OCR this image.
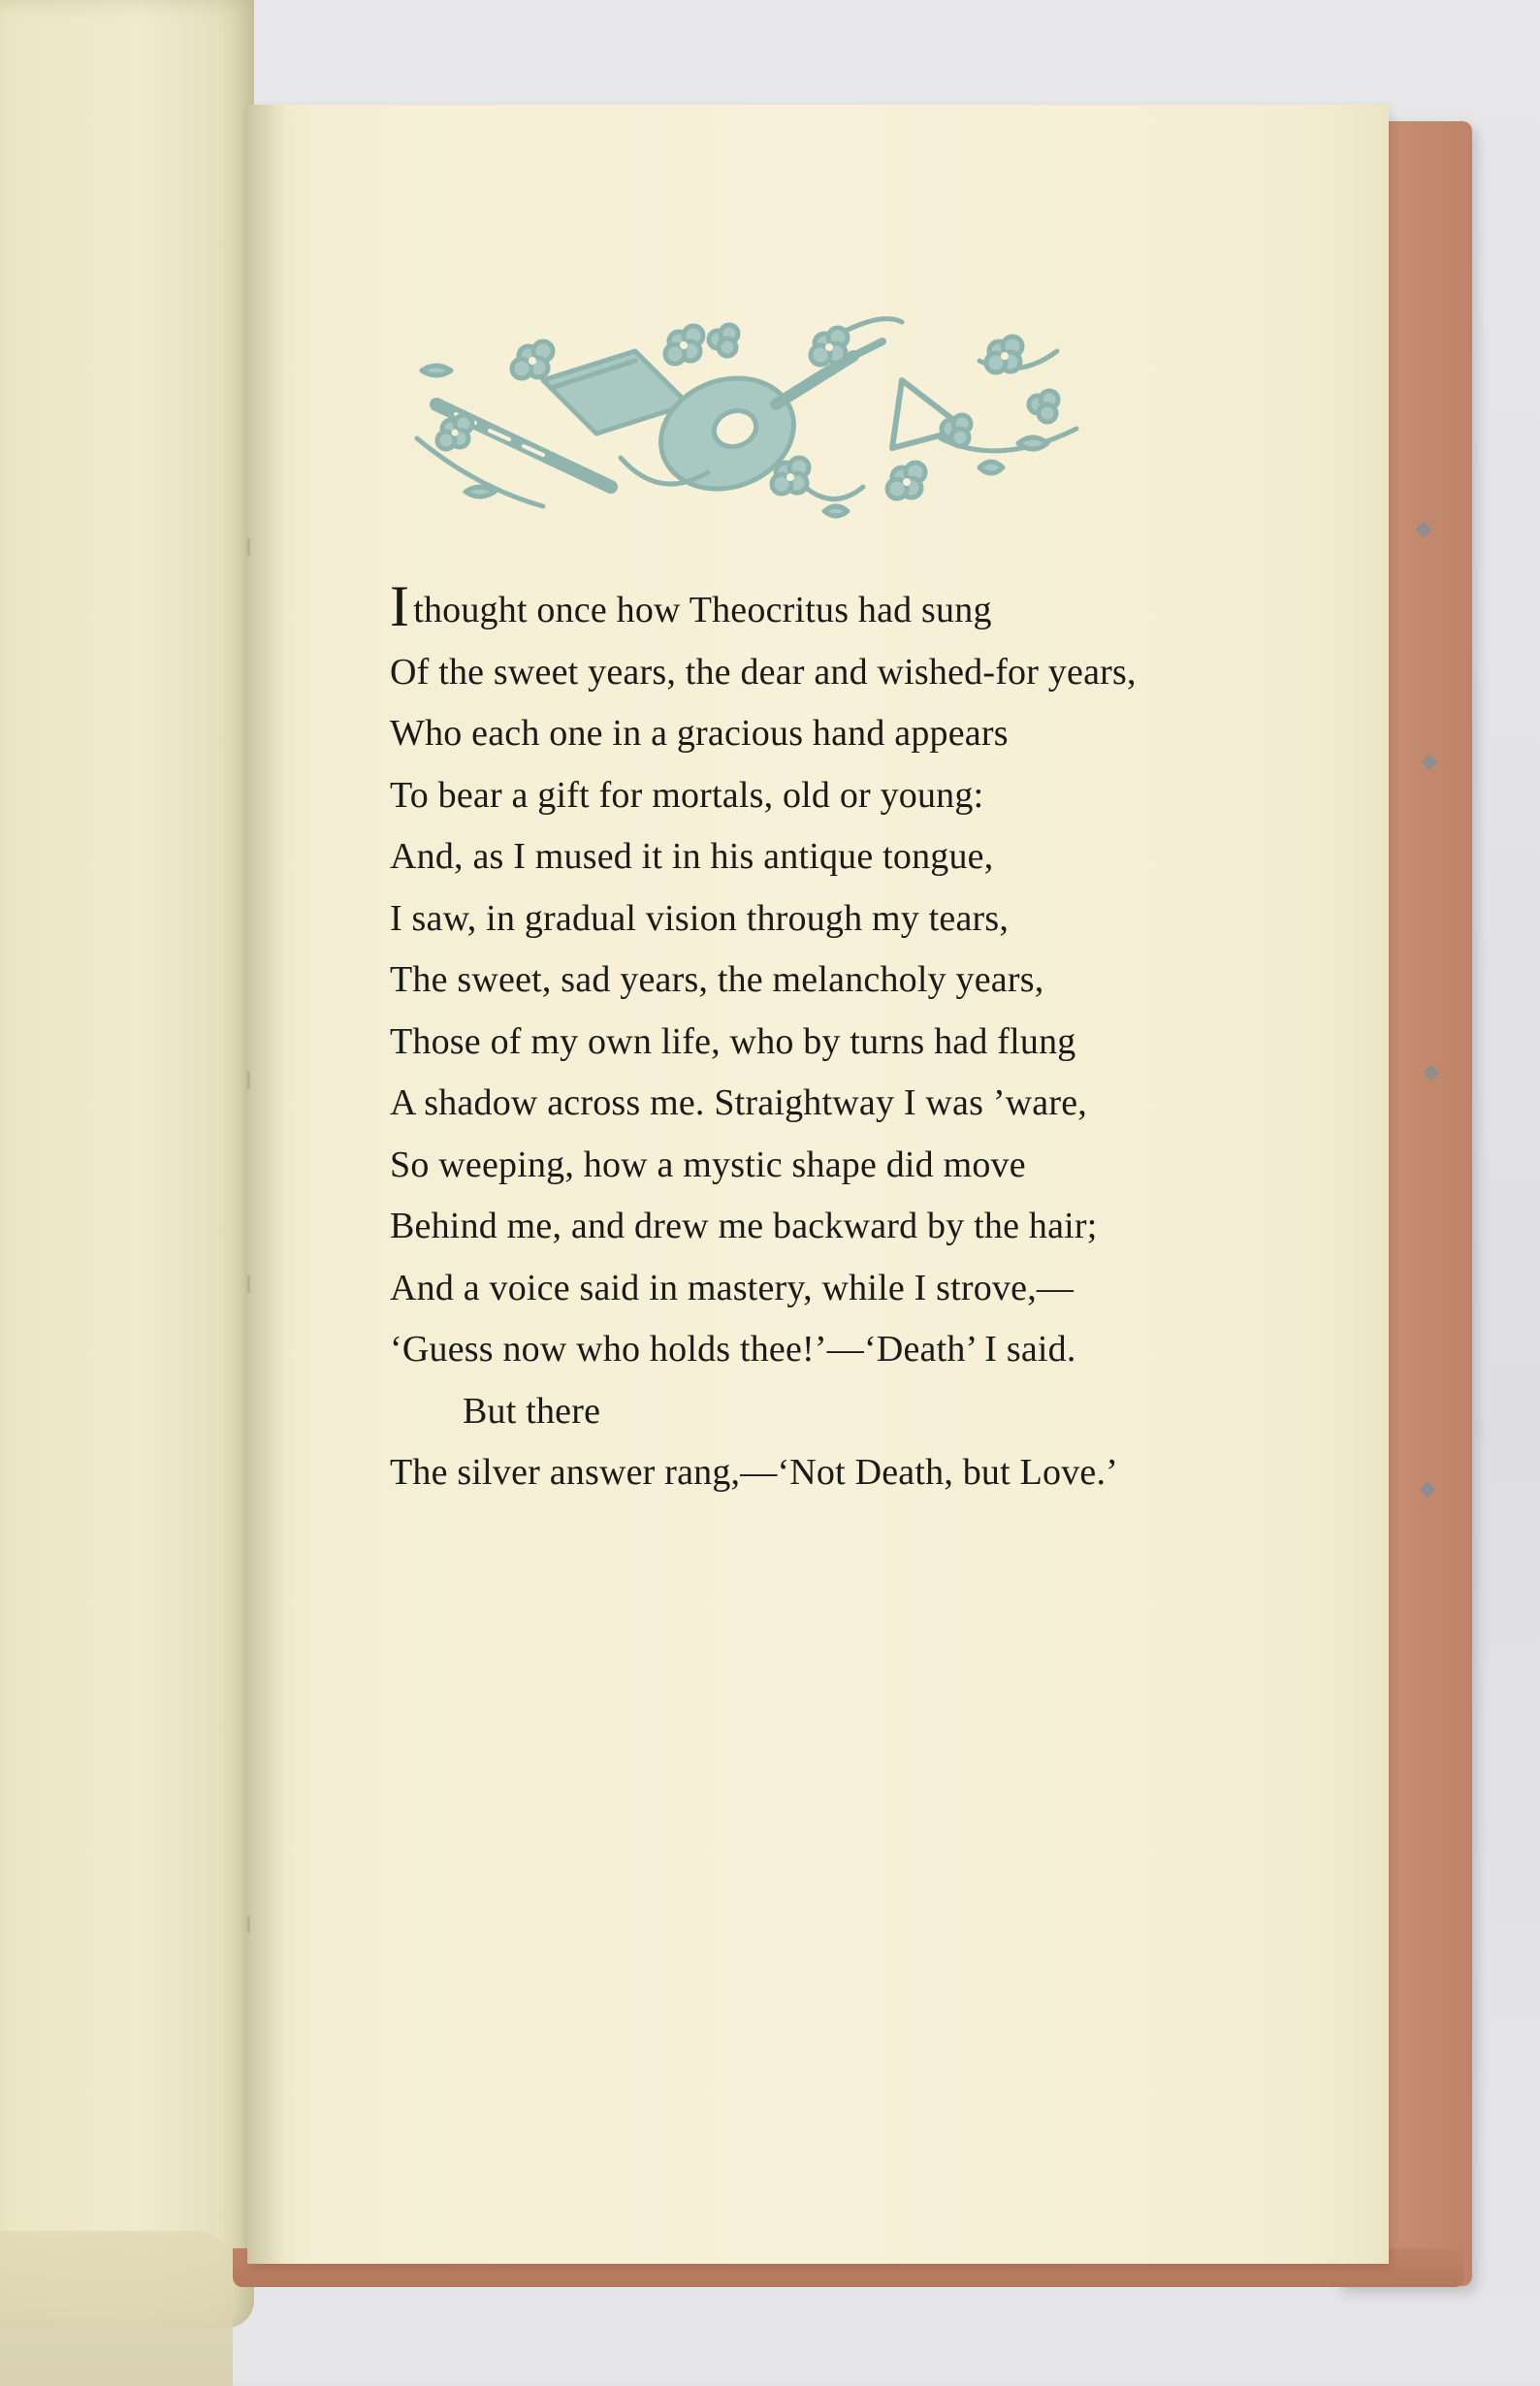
Ithought once how Theocritus had sung
Of the sweet years, the dear and wished-for years,
Who each one in a gracious hand appears
To bear a gift for mortals, old or young:
And, as I mused it in his antique tongue,
I saw, in gradual vision through my tears,
The sweet, sad years, the melancholy years,
Those of my own life, who by turns had flung
A shadow across me. Straightway I was ’ware,
So weeping, how a mystic shape did move
Behind me, and drew me backward by the hair;
And a voice said in mastery, while I strove,—
‘Guess now who holds thee!’—‘Death’ I said.
But there
The silver answer rang,—‘Not Death, but Love.’
